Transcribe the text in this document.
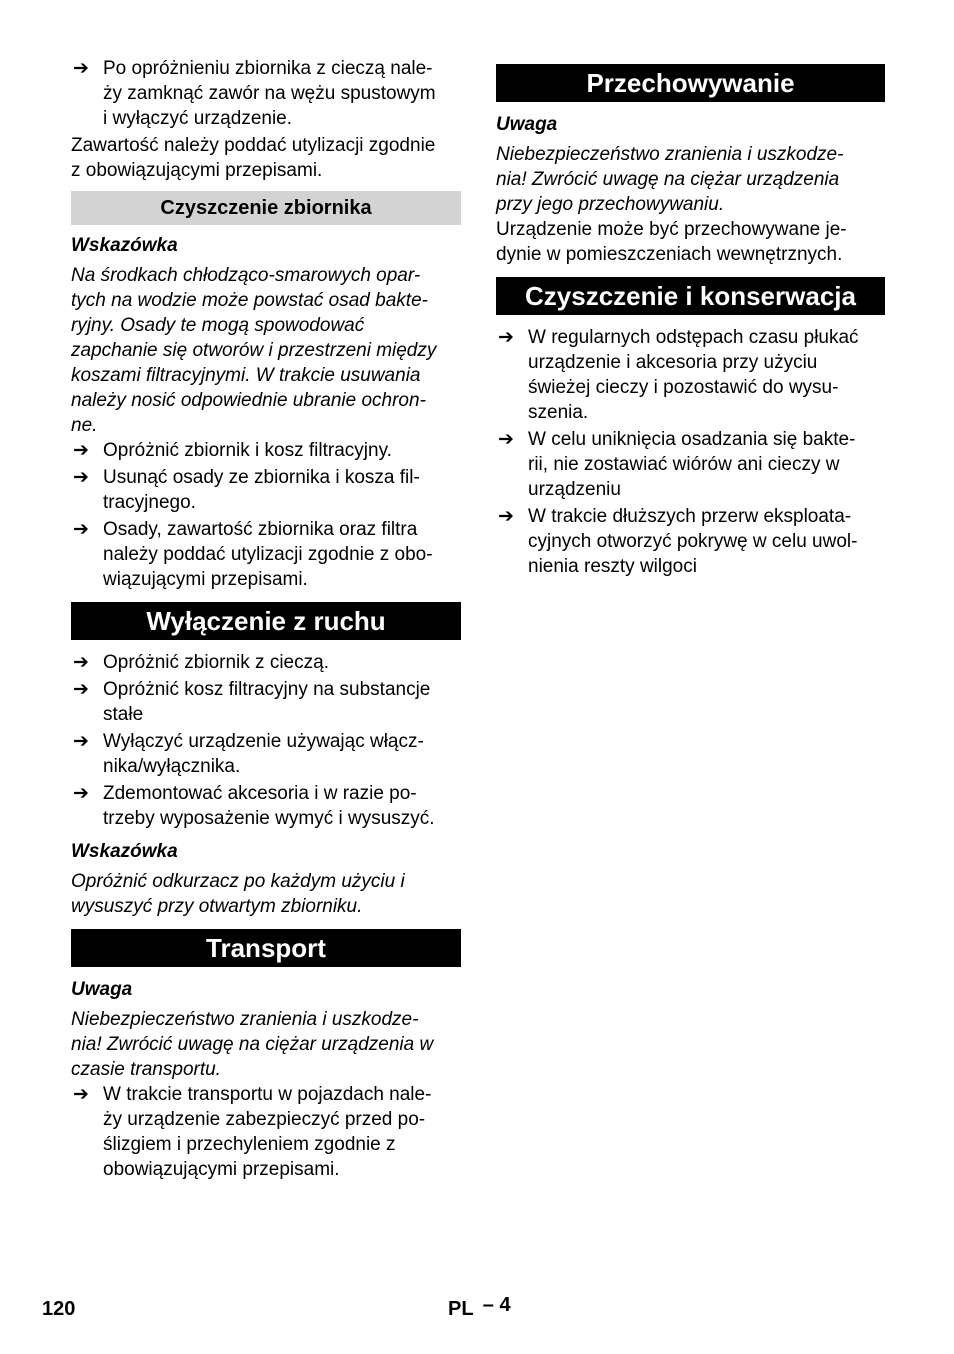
➔ Po opróżnieniu zbiornika z cieczą nale-
ży zamknąć zawór na wężu spustowym
i wyłączyć urządzenie.

Zawartość należy poddać utylizacji zgodnie
z obowiązującymi przepisami.

Czyszczenie zbiornika
Wskazówka

Na środkach chłodząco-smarowych opar-
tych na wodzie może powstać osad bakte-
ryjny. Osady te mogą spowodować
zapchanie się otworów i przestrzeni między
koszami filtracyjnymi. W trakcie usuwania
należy nosić odpowiednie ubranie ochron-
ne.

➔ Opróżnić zbiornik i kosz filtracyjny.
➔ Usunąć osady ze zbiornika i kosza fil-
tracyjnego.
➔ Osady, zawartość zbiornika oraz filtra
należy poddać utylizacji zgodnie z obo-
wiązującymi przepisami.
Wyłączenie z ruchu
➔ Opróżnić zbiornik z cieczą.
➔ Opróżnić kosz filtracyjny na substancje
stałe
➔ Wyłączyć urządzenie używając włącz-
nika/wyłącznika.
➔ Zdemontować akcesoria i w razie po-
trzeby wyposażenie wymyć i wysuszyć.
Wskazówka

Opróżnić odkurzacz po każdym użyciu i
wysuszyć przy otwartym zbiorniku.

Transport
Uwaga

Niebezpieczeństwo zranienia i uszkodze-
nia! Zwrócić uwagę na ciężar urządzenia w
czasie transportu.

➔ W trakcie transportu w pojazdach nale-
ży urządzenie zabezpieczyć przed po-
ślizgiem i przechyleniem zgodnie z
obowiązującymi przepisami.
Przechowywanie
Uwaga

Niebezpieczeństwo zranienia i uszkodze-
nia! Zwrócić uwagę na ciężar urządzenia
przy jego przechowywaniu.

Urządzenie może być przechowywane je-
dynie w pomieszczeniach wewnętrznych.

Czyszczenie i konserwacja
➔ W regularnych odstępach czasu płukać
urządzenie i akcesoria przy użyciu
świeżej cieczy i pozostawić do wysu-
szenia.
➔ W celu uniknięcia osadzania się bakte-
rii, nie zostawiać wiórów ani cieczy w
urządzeniu
➔ W trakcie dłuższych przerw eksploata-
cyjnych otworzyć pokrywę w celu uwol-
nienia reszty wilgoci
120	PL – 4
